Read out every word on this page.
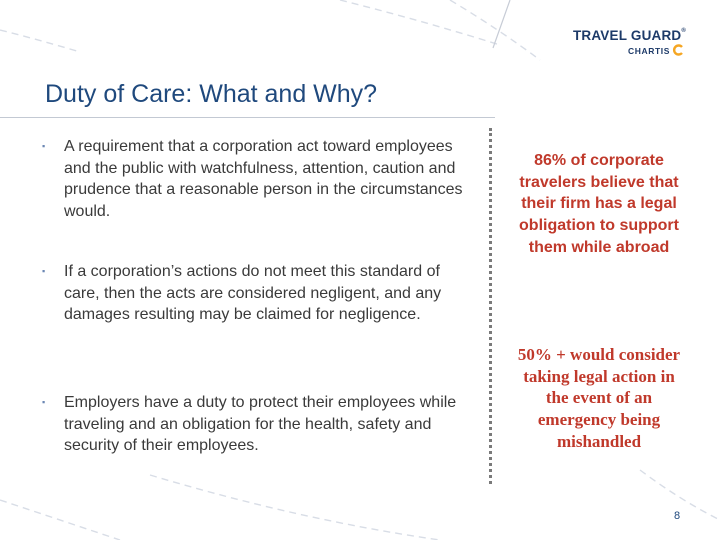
TRAVEL GUARD®
CHARTIS
Duty of Care: What and Why?
▪	A requirement that a corporation act toward employees and the public with watchfulness, attention, caution and prudence that a reasonable person in the circumstances would.
▪	If a corporation’s actions do not meet this standard of care, then the acts are considered negligent, and any damages resulting may be claimed for negligence.
▪	Employers have a duty to protect their employees while traveling and an obligation for the health, safety and security of their employees.
86% of corporate travelers believe that their firm has a legal obligation to support them while abroad
50% + would consider taking legal action in the event of an emergency being mishandled
8
